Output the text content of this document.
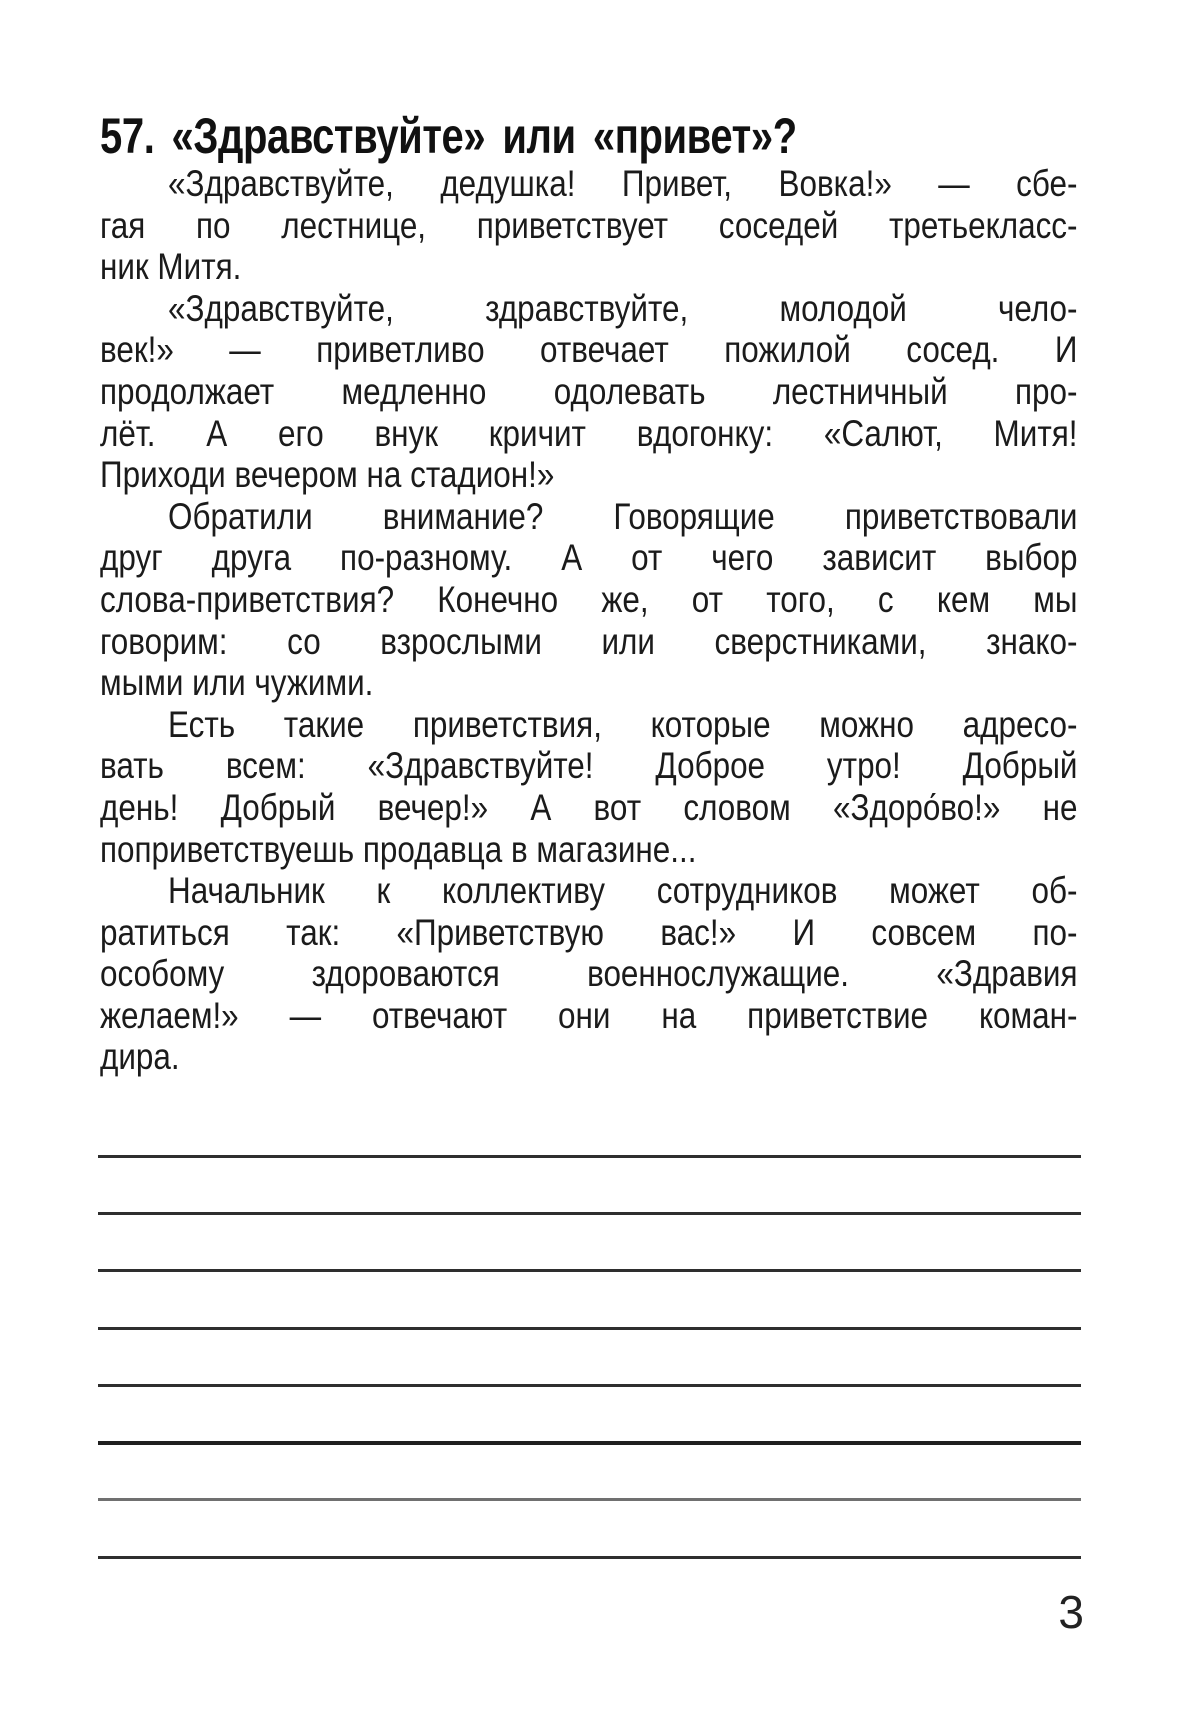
57. «Здравствуйте» или «привет»?
«Здравствуйте, дедушка! Привет, Вовка!» — сбе-
гая по лестнице, приветствует соседей третьекласс-
ник Митя.
«Здравствуйте, здравствуйте, молодой чело-
век!» — приветливо отвечает пожилой сосед. И
продолжает медленно одолевать лестничный про-
лёт. А его внук кричит вдогонку: «Салют, Митя!
Приходи вечером на стадион!»
Обратили внимание? Говорящие приветствовали
друг друга по-разному. А от чего зависит выбор
слова-приветствия? Конечно же, от того, с кем мы
говорим: со взрослыми или сверстниками, знако-
мыми или чужими.
Есть такие приветствия, которые можно адресо-
вать всем: «Здравствуйте! Доброе утро! Добрый
день! Добрый вечер!» А вот словом «Здоро́во!» не
поприветствуешь продавца в магазине...
Начальник к коллективу сотрудников может об-
ратиться так: «Приветствую вас!» И совсем по-
особому здороваются военнослужащие. «Здравия
желаем!» — отвечают они на приветствие коман-
дира.
3
